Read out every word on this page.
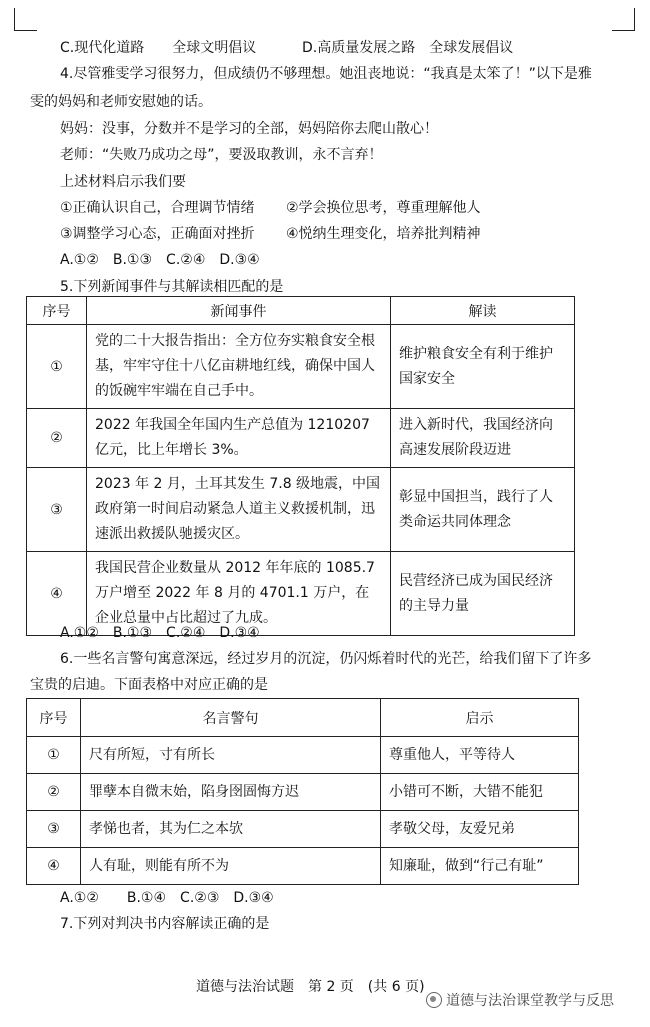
C.现代化道路　　全球文明倡议	D.高质量发展之路　全球发展倡议
4.尽管雅雯学习很努力，但成绩仍不够理想。她沮丧地说：“我真是太笨了！”以下是雅
雯的妈妈和老师安慰她的话。
妈妈：没事，分数并不是学习的全部，妈妈陪你去爬山散心！
老师：“失败乃成功之母”，要汲取教训，永不言弃！
上述材料启示我们要
①正确认识自己，合理调节情绪 ②学会换位思考，尊重理解他人
③调整学习心态，正确面对挫折 ④悦纳生理变化，培养批判精神
A.①②　B.①③　C.②④　D.③④
5.下列新闻事件与其解读相匹配的是
序号	新闻事件	解读
①	党的二十大报告指出：全方位夯实粮食安全根基，牢牢守住十八亿亩耕地红线，确保中国人的饭碗牢牢端在自己手中。	维护粮食安全有利于维护国家安全

②	2022 年我国全年国内生产总值为 1210207 亿元，比上年增长 3%。	进入新时代，我国经济向高速发展阶段迈进

③	2023 年 2 月，土耳其发生 7.8 级地震，中国政府第一时间启动紧急人道主义救援机制，迅速派出救援队驰援灾区。	彰显中国担当，践行了人类命运共同体理念

④	我国民营企业数量从 2012 年年底的 1085.7 万户增至 2022 年 8 月的 4701.1 万户，在企业总量中占比超过了九成。	民营经济已成为国民经济的主导力量
A.①②　B.①③　C.②④　D.③④
6.一些名言警句寓意深远，经过岁月的沉淀，仍闪烁着时代的光芒，给我们留下了许多
宝贵的启迪。下面表格中对应正确的是
序号	名言警句	启示
①	尺有所短，寸有所长	尊重他人，平等待人

②	罪孽本自微末始，陷身囹圄悔方迟	小错可不断，大错不能犯

③	孝悌也者，其为仁之本欤	孝敬父母，友爱兄弟

④	人有耻，则能有所不为	知廉耻，做到“行己有耻”
A.①②　　B.①④　C.②③　D.③④
7.下列对判决书内容解读正确的是
道德与法治试题　第 2 页　(共 6 页)
道德与法治课堂教学与反思
